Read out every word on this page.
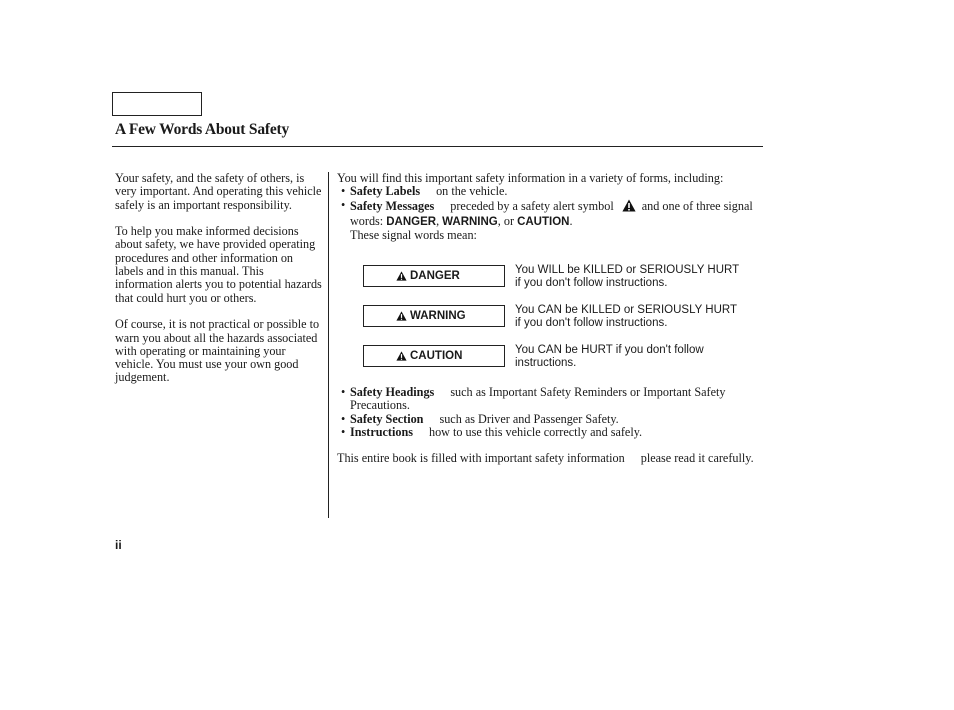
A Few Words About Safety

Your safety, and the safety of others, is very important. And operating this vehicle safely is an important responsibility.

To help you make informed decisions about safety, we have provided operating procedures and other information on labels and in this manual. This information alerts you to potential hazards that could hurt you or others.

Of course, it is not practical or possible to warn you about all the hazards associated with operating or maintaining your vehicle. You must use your own good judgement.

You will find this important safety information in a variety of forms, including:

• Safety Labels on the vehicle.
• Safety Messages preceded by a safety alert symbol and one of three signal words: DANGER, WARNING, or CAUTION.
These signal words mean:
DANGER	You WILL be KILLED or SERIOUSLY HURT if you don't follow instructions.
WARNING	You CAN be KILLED or SERIOUSLY HURT if you don't follow instructions.
CAUTION	You CAN be HURT if you don't follow instructions.
• Safety Headings such as Important Safety Reminders or Important Safety Precautions.
• Safety Section such as Driver and Passenger Safety.
• Instructions how to use this vehicle correctly and safely.

This entire book is filled with important safety information please read it carefully.

ii
